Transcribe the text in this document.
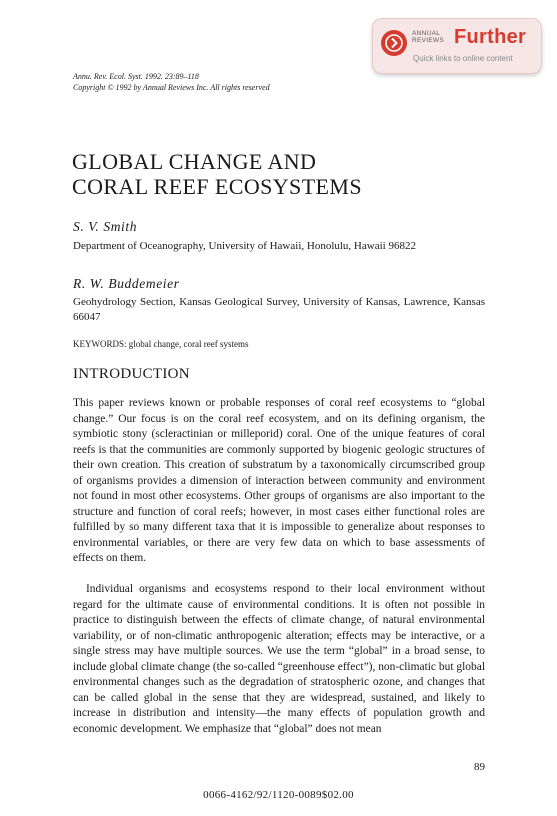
ANNUAL
REVIEWS Further
Quick links to online content
Annu. Rev. Ecol. Syst. 1992. 23:89–118
Copyright © 1992 by Annual Reviews Inc. All rights reserved
GLOBAL CHANGE AND
CORAL REEF ECOSYSTEMS
S. V. Smith
Department of Oceanography, University of Hawaii, Honolulu, Hawaii 96822
R. W. Buddemeier
Geohydrology Section, Kansas Geological Survey, University of Kansas, Lawrence, Kansas 66047
KEYWORDS: global change, coral reef systems
INTRODUCTION

This paper reviews known or probable responses of coral reef ecosystems to “global change.” Our focus is on the coral reef ecosystem, and on its defining organism, the symbiotic stony (scleractinian or milleporid) coral. One of the unique features of coral reefs is that the communities are commonly supported by biogenic geologic structures of their own creation. This creation of substratum by a taxonomically circumscribed group of organisms provides a dimension of interaction between community and environment not found in most other ecosystems. Other groups of organisms are also important to the structure and function of coral reefs; however, in most cases either functional roles are fulfilled by so many different taxa that it is impossible to generalize about responses to environmental variables, or there are very few data on which to base assessments of effects on them.

Individual organisms and ecosystems respond to their local environment without regard for the ultimate cause of environmental conditions. It is often not possible in practice to distinguish between the effects of climate change, of natural environmental variability, or of non-climatic anthropogenic alteration; effects may be interactive, or a single stress may have multiple sources. We use the term “global” in a broad sense, to include global climate change (the so-called “greenhouse effect”), non-climatic but global environmental changes such as the degradation of stratospheric ozone, and changes that can be called global in the sense that they are widespread, sustained, and likely to increase in distribution and intensity—the many effects of population growth and economic development. We emphasize that “global” does not mean

89
0066-4162/92/1120-0089$02.00
